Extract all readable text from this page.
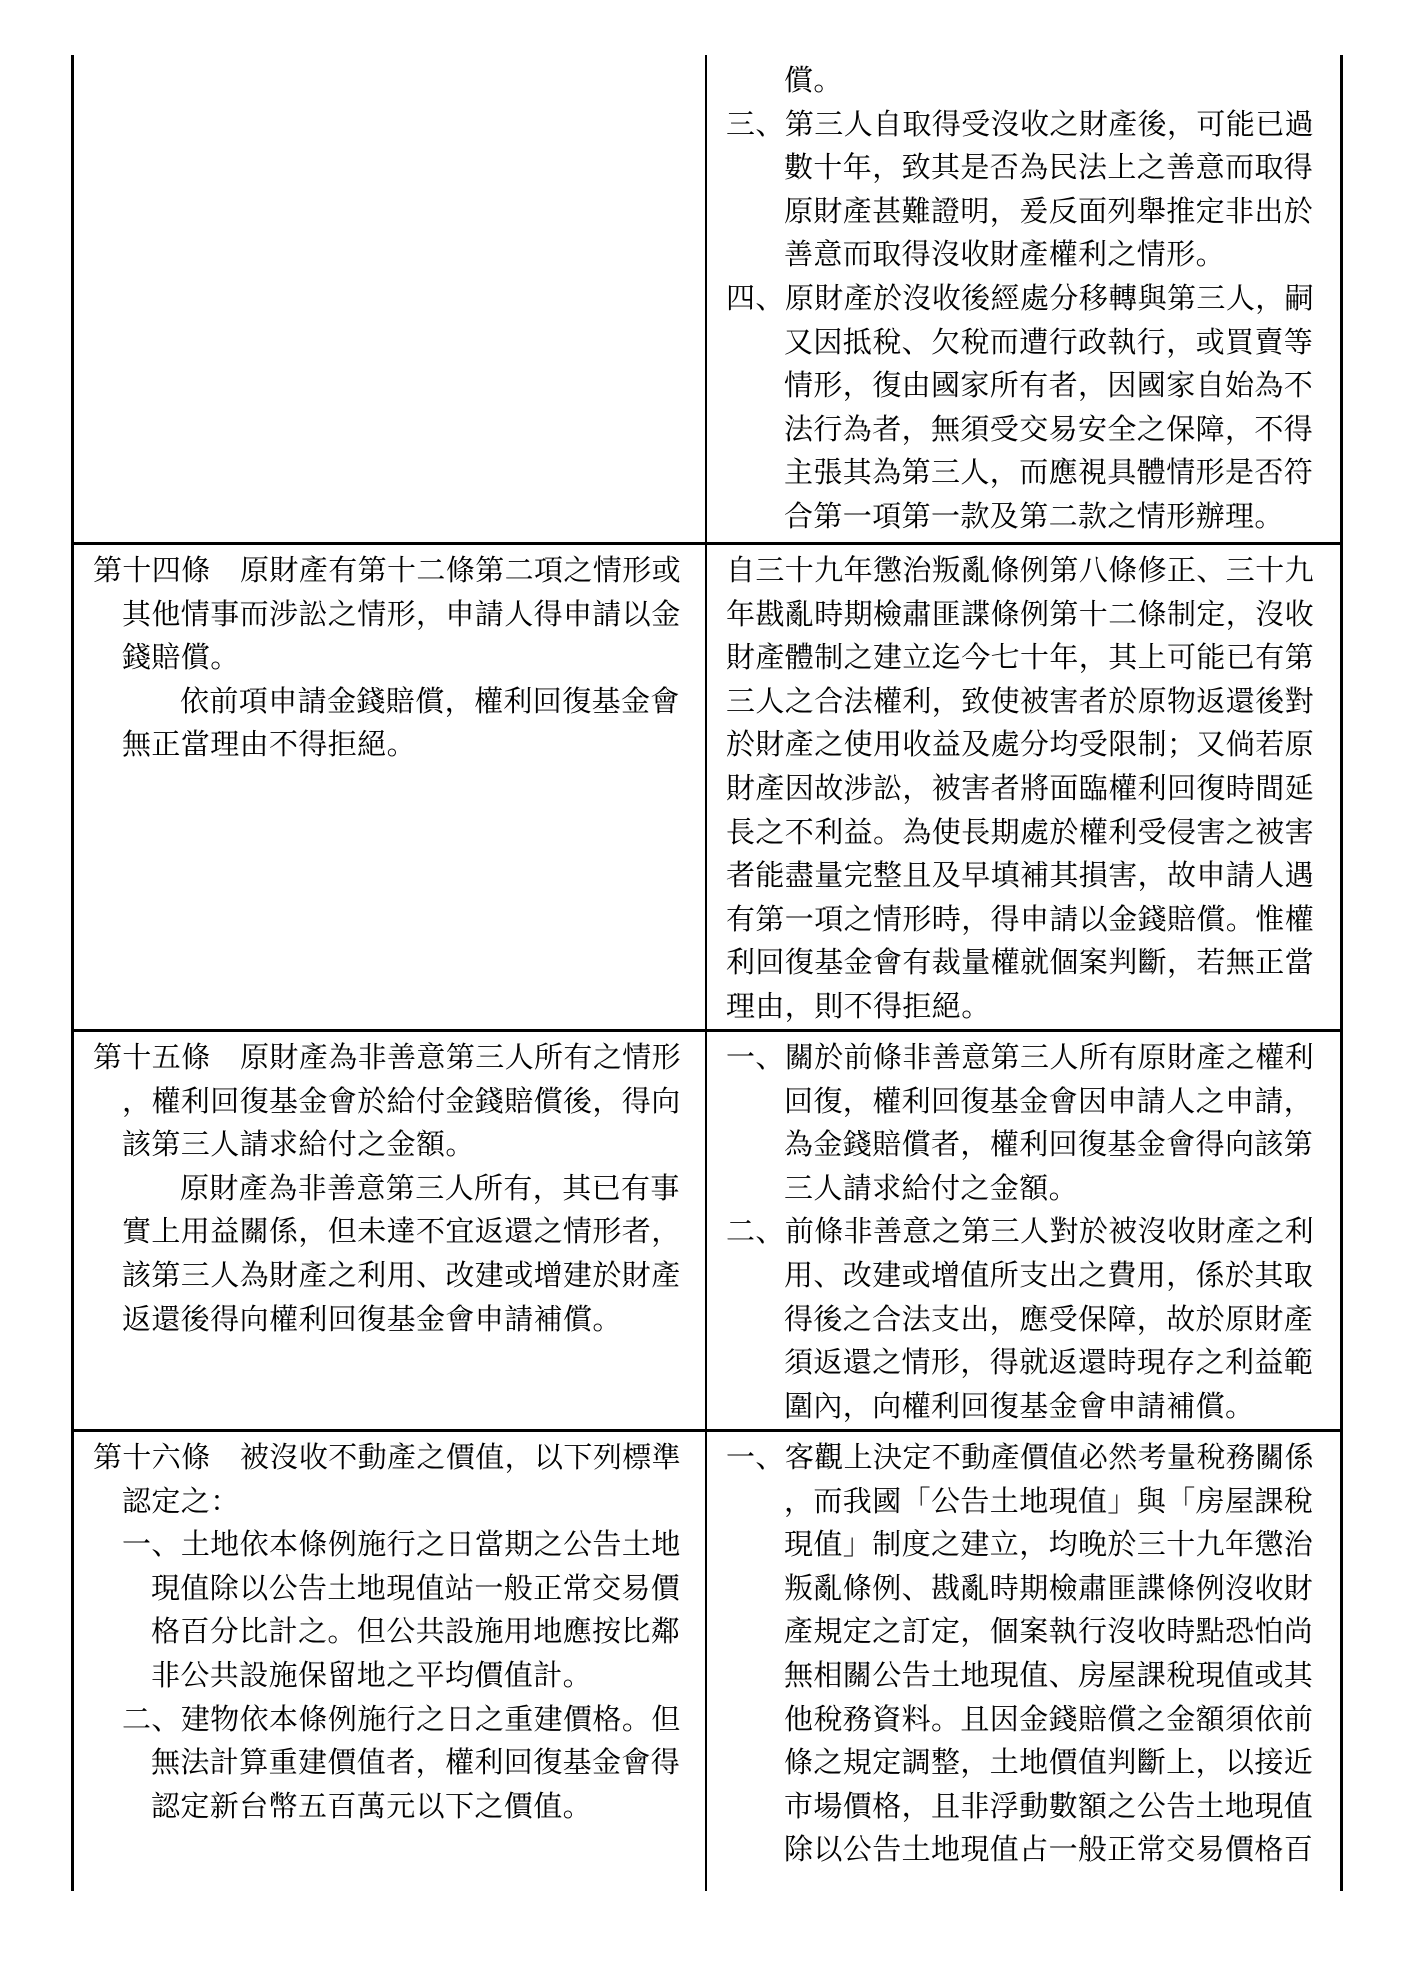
償。
三、第三人自取得受沒收之財產後，可能已過
數十年，致其是否為民法上之善意而取得
原財產甚難證明，爰反面列舉推定非出於
善意而取得沒收財產權利之情形。
四、原財產於沒收後經處分移轉與第三人，嗣
又因抵稅、欠稅而遭行政執行，或買賣等
情形，復由國家所有者，因國家自始為不
法行為者，無須受交易安全之保障，不得
主張其為第三人，而應視具體情形是否符
合第一項第一款及第二款之情形辦理。
第十四條　 原財產有第十二條第二項之情形或
其他情事而涉訟之情形，申請人得申請以金
錢賠償。
依前項申請金錢賠償，權利回復基金會
無正當理由不得拒絕。
自三十九年懲治叛亂條例第八條修正、三十九
年戡亂時期檢肅匪諜條例第十二條制定，沒收
財產體制之建立迄今七十年，其上可能已有第
三人之合法權利，致使被害者於原物返還後對
於財產之使用收益及處分均受限制；又倘若原
財產因故涉訟，被害者將面臨權利回復時間延
長之不利益。為使長期處於權利受侵害之被害
者能盡量完整且及早填補其損害，故申請人遇
有第一項之情形時，得申請以金錢賠償。惟權
利回復基金會有裁量權就個案判斷，若無正當
理由，則不得拒絕。
第十五條　 原財產為非善意第三人所有之情形
，權利回復基金會於給付金錢賠償後，得向
該第三人請求給付之金額。
原財產為非善意第三人所有，其已有事
實上用益關係，但未達不宜返還之情形者，
該第三人為財產之利用、改建或增建於財產
返還後得向權利回復基金會申請補償。
一、關於前條非善意第三人所有原財產之權利
回復，權利回復基金會因申請人之申請，
為金錢賠償者，權利回復基金會得向該第
三人請求給付之金額。
二、前條非善意之第三人對於被沒收財產之利
用、改建或增值所支出之費用，係於其取
得後之合法支出，應受保障，故於原財產
須返還之情形，得就返還時現存之利益範
圍內，向權利回復基金會申請補償。
第十六條　 被沒收不動產之價值，以下列標準
認定之：
一、土地依本條例施行之日當期之公告土地
現值除以公告土地現值站一般正常交易價
格百分比計之。但公共設施用地應按比鄰
非公共設施保留地之平均價值計。
二、建物依本條例施行之日之重建價格。但
無法計算重建價值者，權利回復基金會得
認定新台幣五百萬元以下之價值。
一、客觀上決定不動產價值必然考量稅務關係
，而我國「公告土地現值」與「房屋課稅
現值」制度之建立，均晚於三十九年懲治
叛亂條例、戡亂時期檢肅匪諜條例沒收財
產規定之訂定，個案執行沒收時點恐怕尚
無相關公告土地現值、房屋課稅現值或其
他稅務資料。且因金錢賠償之金額須依前
條之規定調整，土地價值判斷上，以接近
市場價格，且非浮動數額之公告土地現值
除以公告土地現值占一般正常交易價格百
